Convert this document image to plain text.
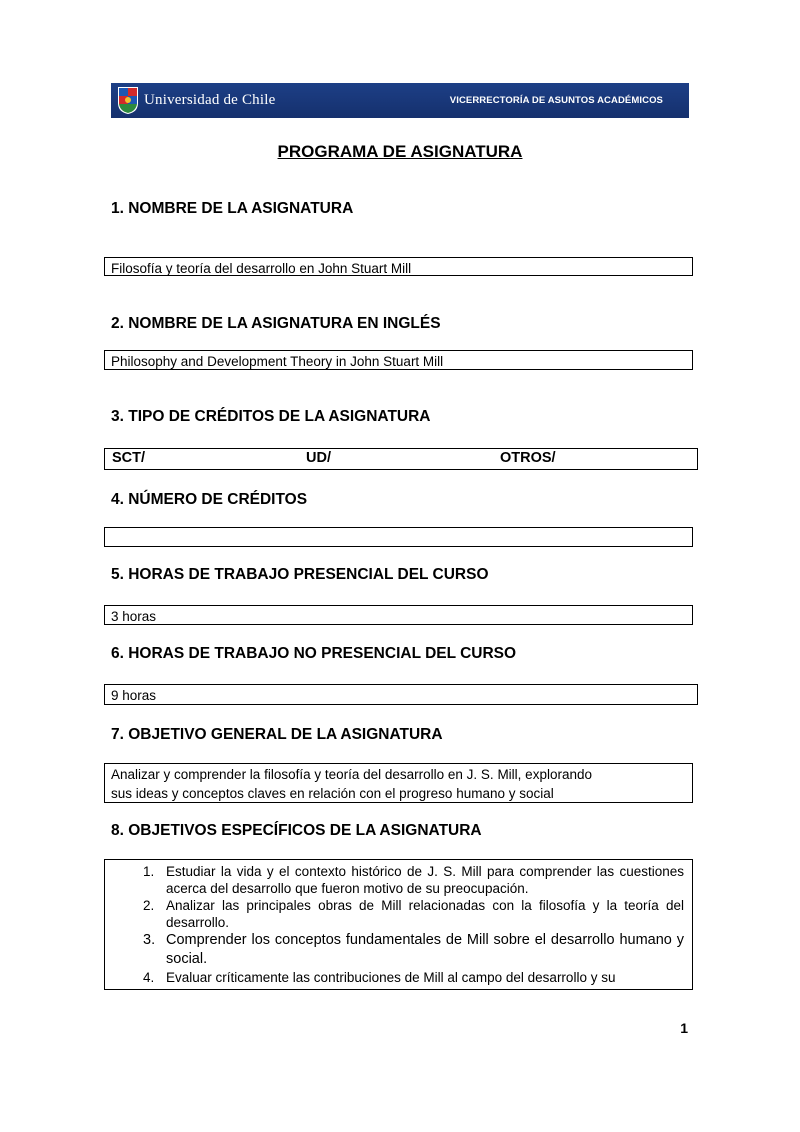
Universidad de Chile	VICERRECTORÍA DE ASUNTOS ACADÉMICOS
PROGRAMA DE ASIGNATURA
1. NOMBRE DE LA ASIGNATURA
Filosofía y teoría del desarrollo en John Stuart Mill
2. NOMBRE DE LA ASIGNATURA EN INGLÉS
Philosophy and Development Theory in John Stuart Mill
3. TIPO DE CRÉDITOS DE LA ASIGNATURA
SCT/	UD/	OTROS/
4. NÚMERO DE CRÉDITOS
5. HORAS DE TRABAJO PRESENCIAL DEL CURSO
3 horas
6. HORAS DE TRABAJO NO PRESENCIAL DEL CURSO
9 horas
7. OBJETIVO GENERAL DE LA ASIGNATURA
Analizar y comprender la filosofía y teoría del desarrollo en J. S. Mill, explorando
sus ideas y conceptos claves en relación con el progreso humano y social
8. OBJETIVOS ESPECÍFICOS DE LA ASIGNATURA
1. Estudiar la vida y el contexto histórico de J. S. Mill para comprender las cuestiones acerca del desarrollo que fueron motivo de su preocupación.
2. Analizar las principales obras de Mill relacionadas con la filosofía y la teoría del desarrollo.
3. Comprender los conceptos fundamentales de Mill sobre el desarrollo humano y social.
4. Evaluar críticamente las contribuciones de Mill al campo del desarrollo y su
1
